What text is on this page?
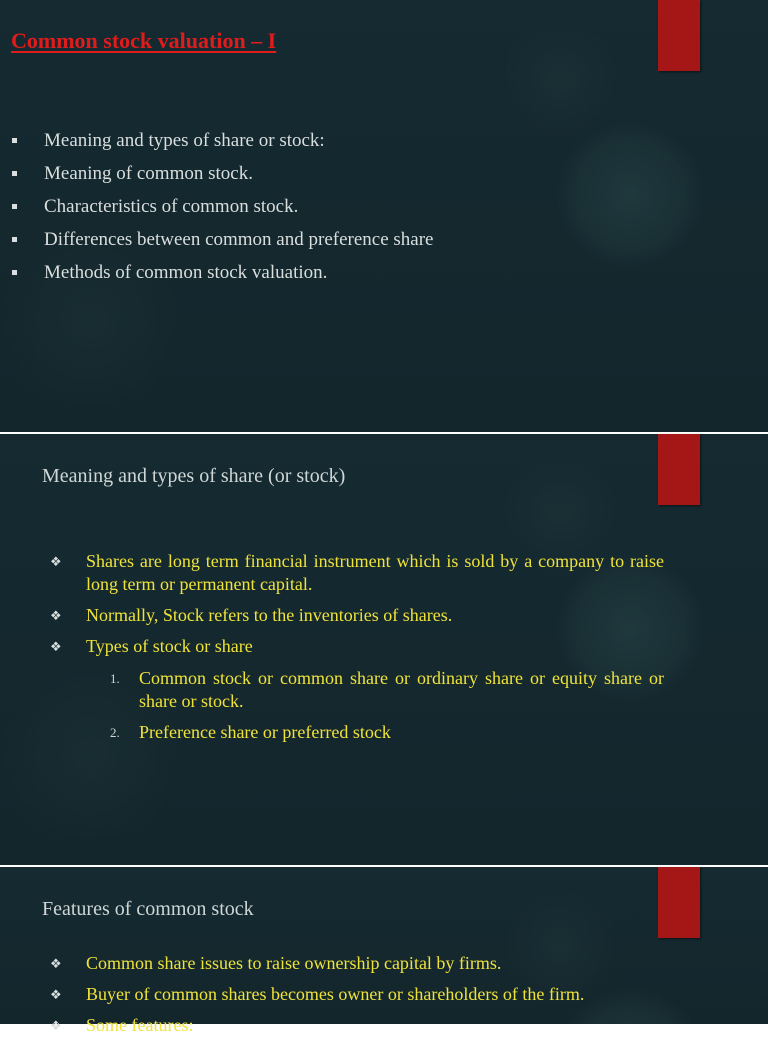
Common stock valuation – I
Meaning and types of share or stock:
Meaning of common stock.
Characteristics of common stock.
Differences between common and preference share
Methods of common stock valuation.
Meaning and types of share (or stock)
❖ Shares are long term financial instrument which is sold by a company to raise long term or permanent capital.
❖ Normally, Stock refers to the inventories of shares.
❖ Types of stock or share
1. Common stock or common share or ordinary share or equity share or share or stock.
2. Preference share or preferred stock
Features of common stock
❖ Common share issues to raise ownership capital by firms.
❖ Buyer of common shares becomes owner or shareholders of the firm.
❖ Some features:
